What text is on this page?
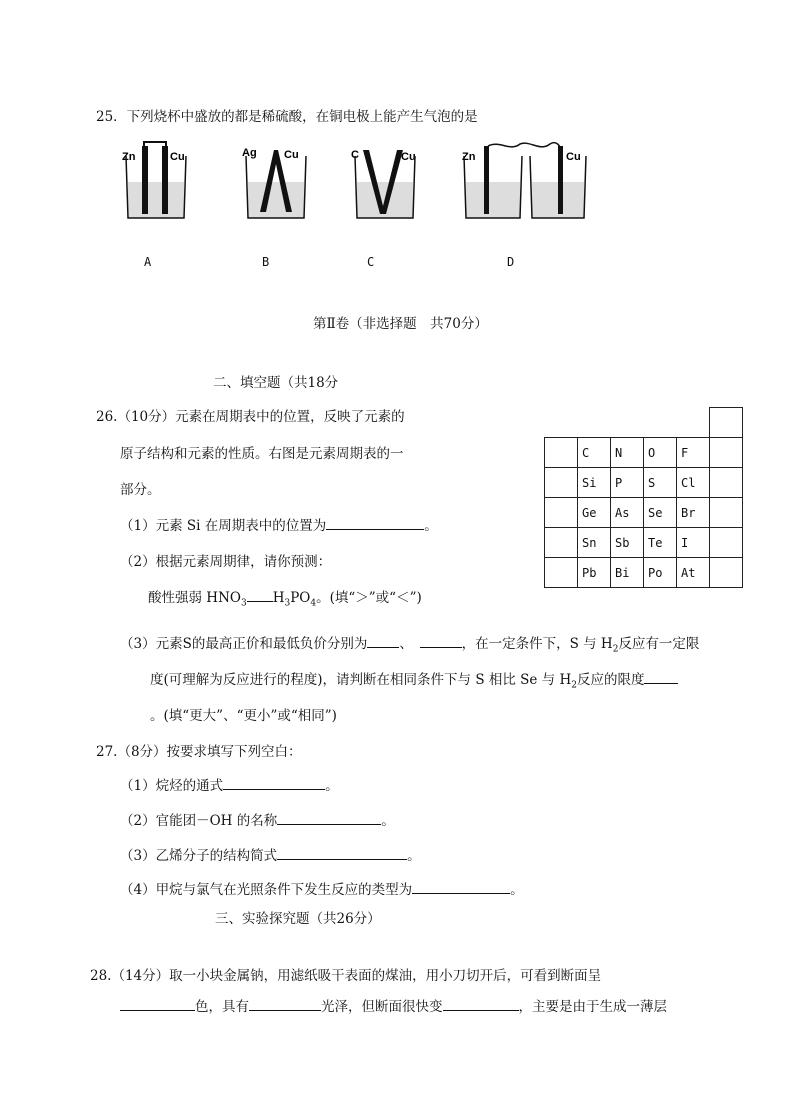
25．下列烧杯中盛放的都是稀硫酸，在铜电极上能产生气泡的是
Zn	Cu	Ag Cu	C	Cu	Zn	Cu
A	B	C	D
第Ⅱ卷（非选择题　共70分）
二、填空题（共18分
26.（10分）元素在周期表中的位置，反映了元素的
原子结构和元素的性质。右图是元素周期表的一
部分。
（1）元素 Si 在周期表中的位置为	。
（2）根据元素周期律，请你预测：
酸性强弱 $HNO_3$ $H_3PO_4$。(填“＞”或“＜”)

	C	N	O	F	
	Si	P	S	Cl	
	Ge	As	Se	Br	
	Sn	Sb	Te	I	
	Pb	Bi	Po	At	
（3）元素S的最高正价和最低负价分别为 、　	，在一定条件下，S 与 $H_2$反应有一定限
度(可理解为反应进行的程度)，请判断在相同条件下与 S 相比 Se 与 $H_2$反应的限度
。(填“更大”、“更小”或“相同”)
27.（8分）按要求填写下列空白：
（1）烷烃的通式	。
（2）官能团－OH 的名称	。
（3）乙烯分子的结构简式	。
（4）甲烷与氯气在光照条件下发生反应的类型为	。
三、实验探究题（共26分）
28.（14分）取一小块金属钠，用滤纸吸干表面的煤油，用小刀切开后，可看到断面呈
色，具有	光泽，但断面很快变	，主要是由于生成一薄层
